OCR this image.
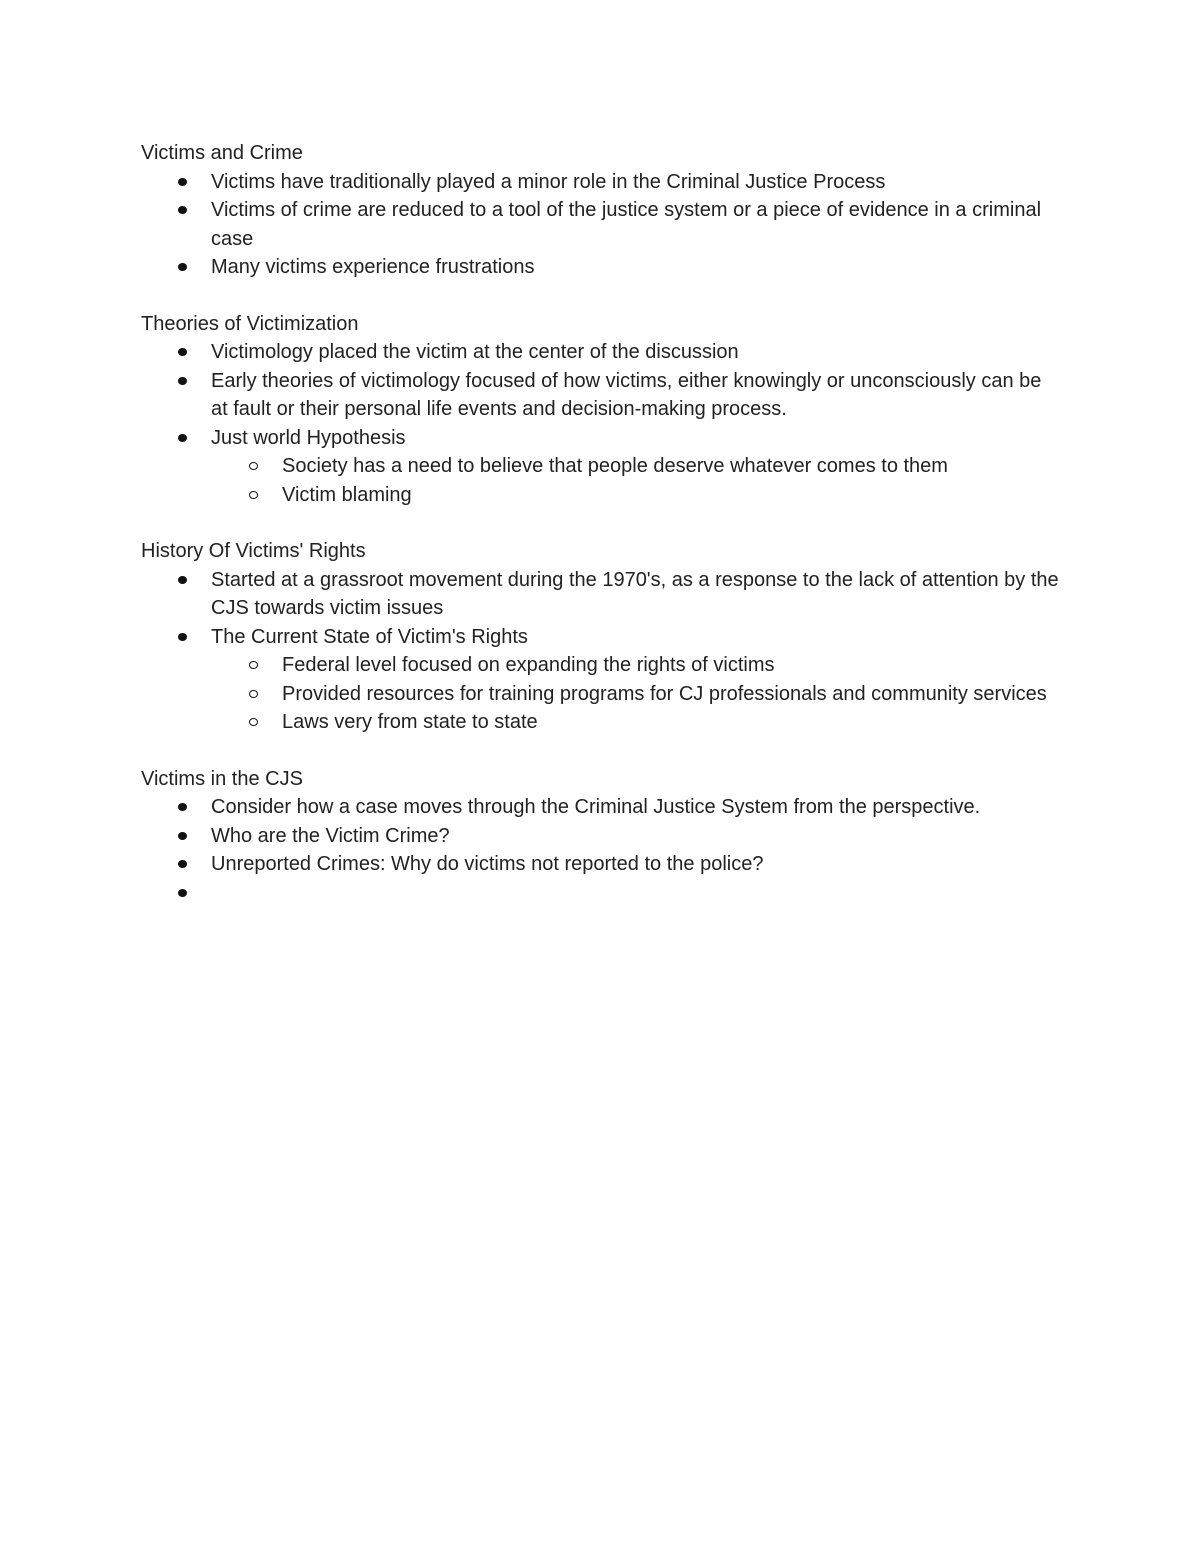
Victims and Crime
Victims have traditionally played a minor role in the Criminal Justice Process
Victims of crime are reduced to a tool of the justice system or a piece of evidence in a criminal case
Many victims experience frustrations
Theories of Victimization
Victimology placed the victim at the center of the discussion
Early theories of victimology focused of how victims, either knowingly or unconsciously can be at fault or their personal life events and decision-making process.
Just world Hypothesis
Society has a need to believe that people deserve whatever comes to them
Victim blaming
History Of Victims' Rights
Started at a grassroot movement during the 1970's, as a response to the lack of attention by the CJS towards victim issues
The Current State of Victim's Rights
Federal level focused on expanding the rights of victims
Provided resources for training programs for CJ professionals and community services
Laws very from state to state
Victims in the CJS
Consider how a case moves through the Criminal Justice System from the perspective.
Who are the Victim Crime?
Unreported Crimes: Why do victims not reported to the police?
